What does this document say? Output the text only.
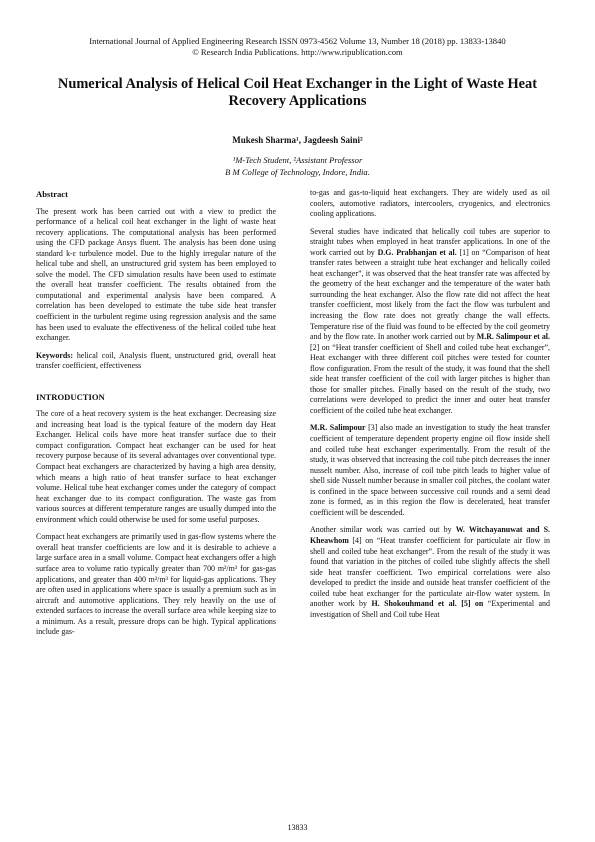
International Journal of Applied Engineering Research ISSN 0973-4562 Volume 13, Number 18 (2018) pp. 13833-13840
© Research India Publications. http://www.ripublication.com
Numerical Analysis of Helical Coil Heat Exchanger in the Light of Waste Heat Recovery Applications
Mukesh Sharma¹, Jagdeesh Saini²
¹M-Tech Student, ²Assistant Professor
B M College of Technology, Indore, India.

Abstract

The present work has been carried out with a view to predict the performance of a helical coil heat exchanger in the light of waste heat recovery applications. The computational analysis has been performed using the CFD package Ansys fluent. The analysis has been done using standard k-ε turbulence model. Due to the highly irregular nature of the helical tube and shell, an unstructured grid system has been employed to solve the model. The CFD simulation results have been used to estimate the overall heat transfer coefficient. The results obtained from the computational and experimental analysis have been compared. A correlation has been developed to estimate the tube side heat transfer coefficient in the turbulent regime using regression analysis and the same has been used to evaluate the effectiveness of the helical coiled tube heat exchanger.

Keywords: helical coil, Analysis fluent, unstructured grid, overall heat transfer coefficient, effectiveness

INTRODUCTION

The core of a heat recovery system is the heat exchanger. Decreasing size and increasing heat load is the typical feature of the modern day Heat Exchanger. Helical coils have more heat transfer surface due to their compact configuration. Compact heat exchanger can be used for heat recovery purpose because of its several advantages over conventional type. Compact heat exchangers are characterized by having a high area density, which means a high ratio of heat transfer surface to heat exchanger volume. Helical tube heat exchanger comes under the category of compact heat exchanger due to its compact configuration. The waste gas from various sources at different temperature ranges are usually dumped into the environment which could otherwise be used for some useful purposes.

Compact heat exchangers are primarily used in gas-flow systems where the overall heat transfer coefficients are low and it is desirable to achieve a large surface area in a small volume. Compact heat exchangers offer a high surface area to volume ratio typically greater than 700 m²/m³ for gas-gas applications, and greater than 400 m²/m³ for liquid-gas applications. They are often used in applications where space is usually a premium such as in aircraft and automotive applications. They rely heavily on the use of extended surfaces to increase the overall surface area while keeping size to a minimum. As a result, pressure drops can be high. Typical applications include gas-

to-gas and gas-to-liquid heat exchangers. They are widely used as oil coolers, automotive radiators, intercoolers, cryogenics, and electronics cooling applications.

Several studies have indicated that helically coil tubes are superior to straight tubes when employed in heat transfer applications. In one of the work carried out by D.G. Prabhanjan et al. [1] on “Comparison of heat transfer rates between a straight tube heat exchanger and helically coiled heat exchanger”, it was observed that the heat transfer rate was affected by the geometry of the heat exchanger and the temperature of the water bath surrounding the heat exchanger. Also the flow rate did not affect the heat transfer coefficient, most likely from the fact the flow was turbulent and increasing the flow rate does not greatly change the wall effects. Temperature rise of the fluid was found to be effected by the coil geometry and by the flow rate. In another work carried out by M.R. Salimpour et al. [2] on “Heat transfer coefficient of Shell and coiled tube heat exchanger”, Heat exchanger with three different coil pitches were tested for counter flow configuration. From the result of the study, it was found that the shell side heat transfer coefficient of the coil with larger pitches is higher than those for smaller pitches. Finally based on the result of the study, two correlations were developed to predict the inner and outer heat transfer coefficient of the coiled tube heat exchanger.

M.R. Salimpour [3] also made an investigation to study the heat transfer coefficient of temperature dependent property engine oil flow inside shell and coiled tube heat exchanger experimentally. From the result of the study, it was observed that increasing the coil tube pitch decreases the inner nusselt number. Also, increase of coil tube pitch leads to higher value of shell side Nusselt number because in smaller coil pitches, the coolant water is confined in the space between successive coil rounds and a semi dead zone is formed, as in this region the flow is decelerated, heat transfer coefficient will be descended.

Another similar work was carried out by W. Witchayanuwat and S. Kheawhom [4] on “Heat transfer coefficient for particulate air flow in shell and coiled tube heat exchanger”. From the result of the study it was found that variation in the pitches of coiled tube slightly affects the shell side heat transfer coefficient. Two empirical correlations were also developed to predict the inside and outside heat transfer coefficient of the coiled tube heat exchanger for the particulate air-flow water system. In another work by H. Shokouhmand et al. [5] on “Experimental and investigation of Shell and Coil tube Heat

13833
